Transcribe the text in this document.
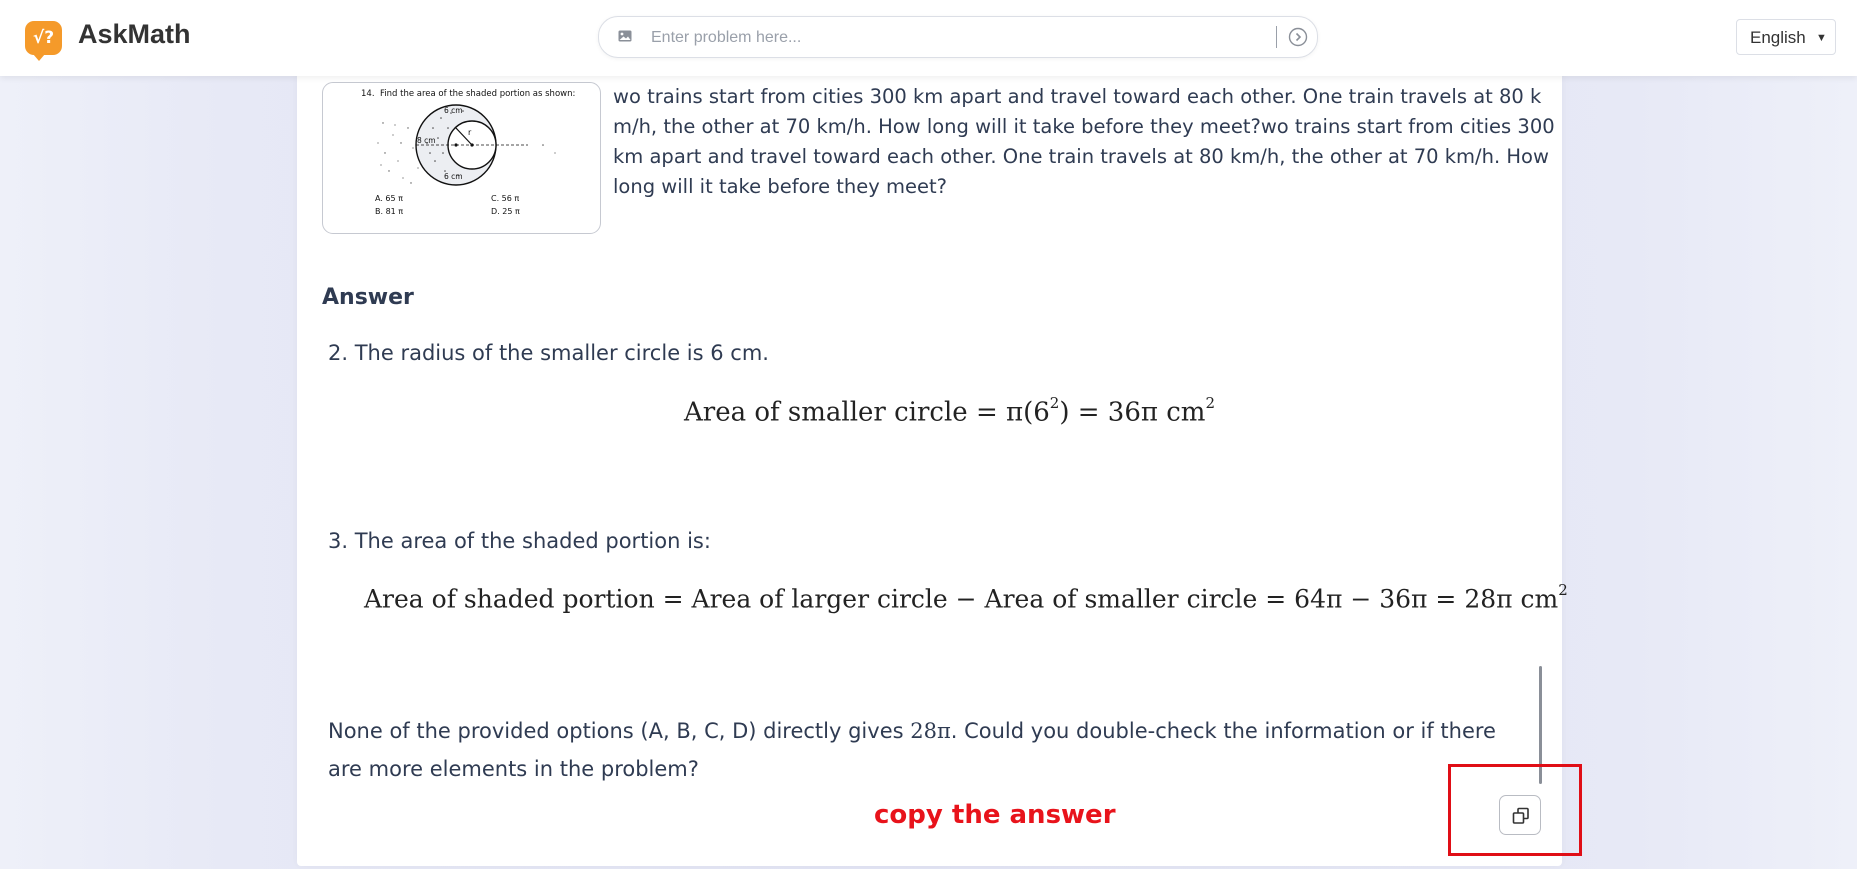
√? AskMath
Enter problem here...	English ▼
14. Find the area of the shaded portion as shown:
6 cm
8 cm
6 cm
r
A. 65 π
B. 81 π
C. 56 π
D. 25 π
wo trains start from cities 300 km apart and travel toward each other. One train travels at 80 km/h, the other at 70 km/h. How long will it take before they meet?wo trains start from cities 300 km apart and travel toward each other. One train travels at 80 km/h, the other at 70 km/h. How long will it take before they meet?
Answer
2. The radius of the smaller circle is 6 cm.
Area of smaller circle = $\pi(6^2) = 36\pi$ $cm^2$
3. The area of the shaded portion is:
Area of shaded portion = Area of larger circle − Area of smaller circle = 64π − 36π = 28π $cm^2$
None of the provided options (A, B, C, D) directly gives 28π. Could you double-check the information or if there are more elements in the problem?
copy the answer
